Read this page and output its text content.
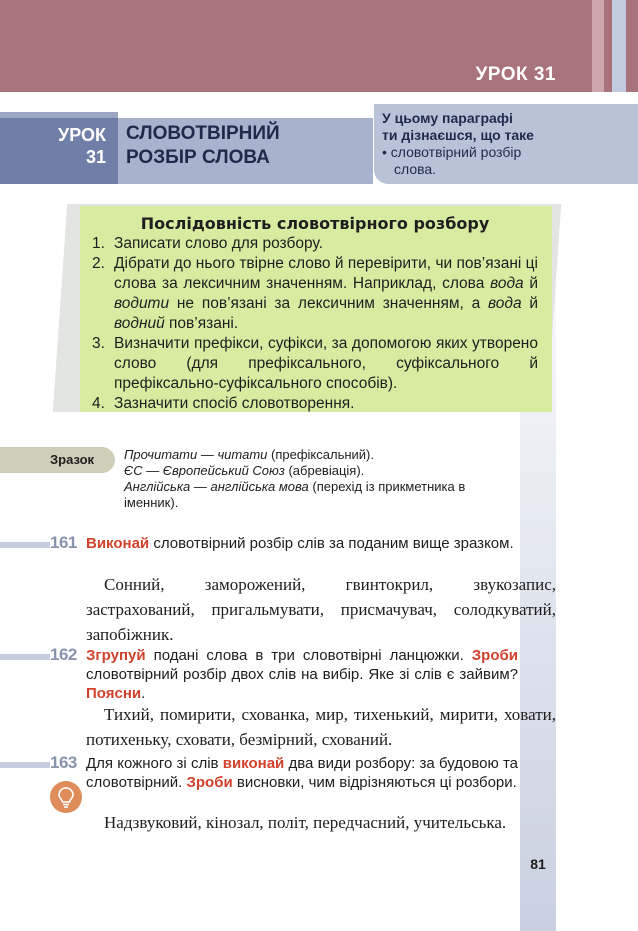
УРОК 31
УРОК
31
СЛОВОТВІРНИЙ
РОЗБІР СЛОВА
У цьому параграфі
ти дізнаєшся, що таке
• словотвірний розбір
слова.
Послідовність словотвірного розбору
1. Записати слово для розбору.
2. Дібрати до нього твірне слово й перевірити, чи пов’язані ці слова за лексичним значенням. Наприклад, слова вода й водити не пов’язані за лексичним значенням, а вода й водний пов’язані.
3. Визначити префікси, суфікси, за допомогою яких утворено слово (для префіксального, суфіксального й префіксально-суфіксального способів).
4. Зазначити спосіб словотворення.
Зразок	Прочитати — читати (префіксальний).
ЄС — Європейський Союз (абревіація).
Англійська — англійська мова (перехід із прикметника в іменник).
161 Виконай словотвірний розбір слів за поданим вище зразком.
Сонний, заморожений, гвинтокрил, звукозапис, застрахований, пригальмувати, присмачувач, солодкуватий, запобіжник.
162 Згрупуй подані слова в три словотвірні ланцюжки. Зроби словотвірний розбір двох слів на вибір. Яке зі слів є зайвим? Поясни.
Тихий, помирити, схованка, мир, тихенький, мирити, ховати, потихеньку, сховати, безмірний, схований.
163 Для кожного зі слів виконай два види розбору: за будовою та словотвірний. Зроби висновки, чим відрізняються ці розбори.
Надзвуковий, кінозал, політ, передчасний, учительська.
81
